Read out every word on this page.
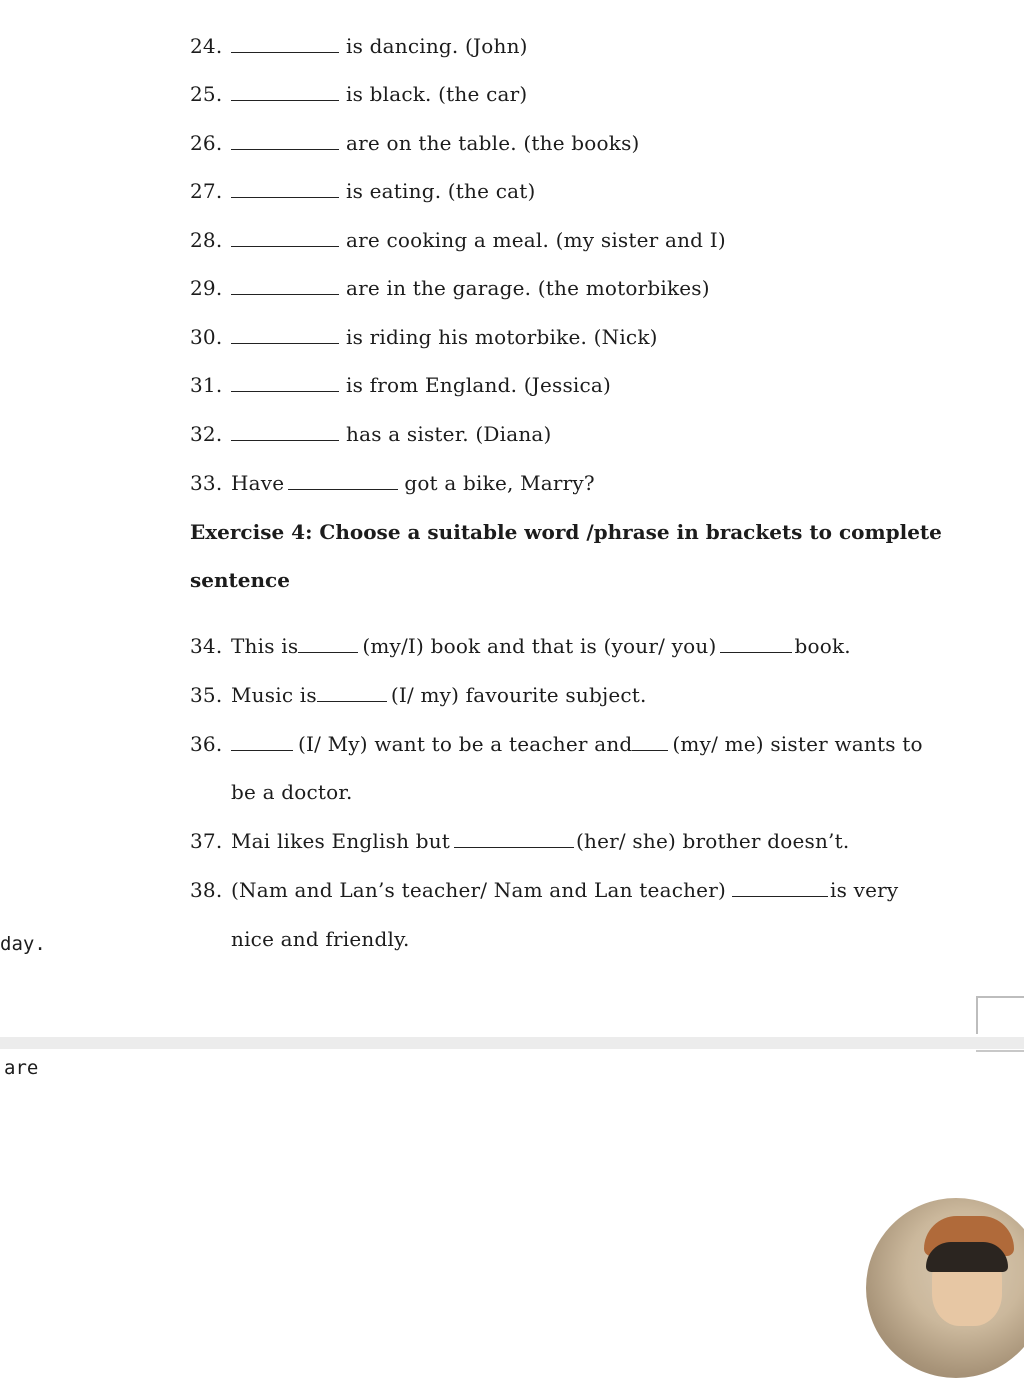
24.	is dancing. (John)
25.	is black. (the car)
26.	are on the table. (the books)
27.	is eating. (the cat)
28.	are cooking a meal. (my sister and I)
29.	are in the garage. (the motorbikes)
30.	is riding his motorbike. (Nick)
31.	is from England. (Jessica)
32.	has a sister. (Diana)
33. Have	got a bike, Marry?
Exercise 4: Choose a suitable word /phrase in brackets to complete
sentence
34. This is	(my/I) book and that is (your/ you)	book.
35. Music is	(I/ my) favourite subject.
36.	(I/ My) want to be a teacher and (my/ me) sister wants to
be a doctor.
37. Mai likes English but	(her/ she) brother doesn’t.
38. (Nam and Lan’s teacher/ Nam and Lan teacher)	is very
nice and friendly.
day.
are
